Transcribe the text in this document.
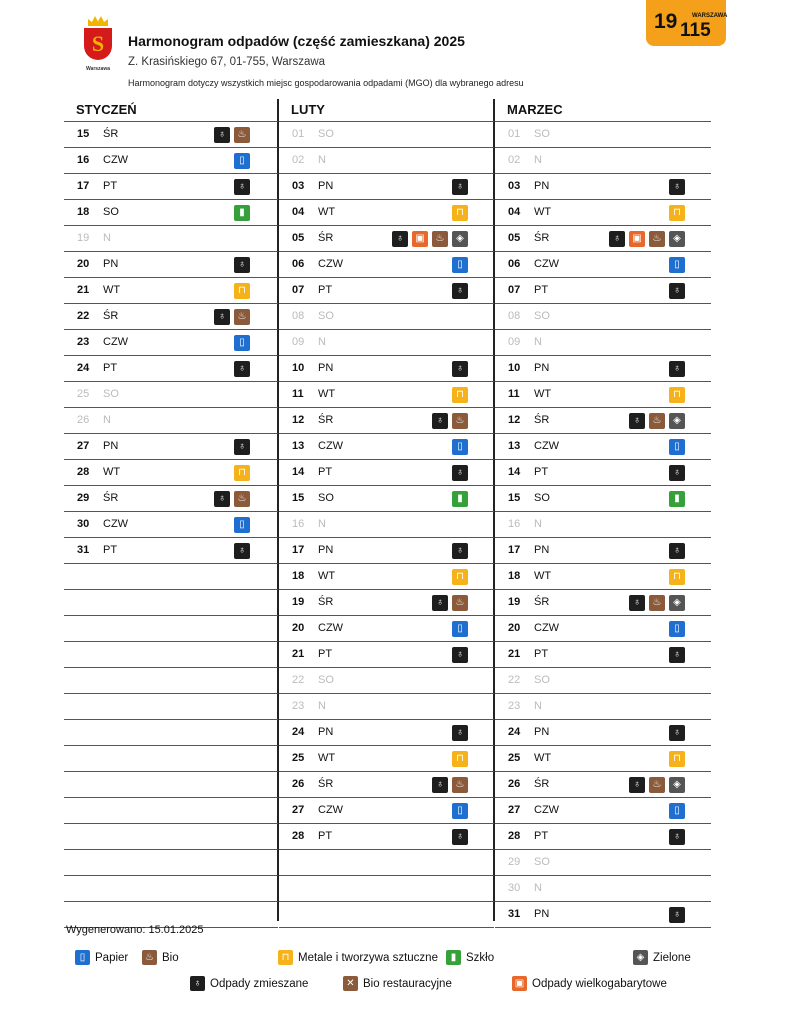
S
Warszawa
Harmonogram odpadów (część zamieszkana) 2025
Z. Krasińskiego 67, 01-755, Warszawa
Harmonogram dotyczy wszystkich miejsc gospodarowania odpadami (MGO) dla wybranego adresu
19 WARSZAWA
115
STYCZEŃ
15	ŚR	♁	♨
16	CZW	▯
17	PT	♁
18	SO	▮
19	N
20	PN	♁
21	WT	⊓
22	ŚR	♁	♨
23	CZW	▯
24	PT	♁
25	SO
26	N
27	PN	♁
28	WT	⊓
29	ŚR	♁	♨
30	CZW	▯
31	PT	♁
LUTY
01	SO
02	N
03	PN	♁
04	WT	⊓
05	ŚR	♁	▣	♨	◈
06	CZW	▯
07	PT	♁
08	SO
09	N
10	PN	♁
11	WT	⊓
12	ŚR	♁	♨
13	CZW	▯
14	PT	♁
15	SO	▮
16	N
17	PN	♁
18	WT	⊓
19	ŚR	♁	♨
20	CZW	▯
21	PT	♁
22	SO
23	N
24	PN	♁
25	WT	⊓
26	ŚR	♁	♨
27	CZW	▯
28	PT	♁
MARZEC
01	SO
02	N
03	PN	♁
04	WT	⊓
05	ŚR	♁	▣	♨	◈
06	CZW	▯
07	PT	♁
08	SO
09	N
10	PN	♁
11	WT	⊓
12	ŚR	♁	♨	◈
13	CZW	▯
14	PT	♁
15	SO	▮
16	N
17	PN	♁
18	WT	⊓
19	ŚR	♁	♨	◈
20	CZW	▯
21	PT	♁
22	SO
23	N
24	PN	♁
25	WT	⊓
26	ŚR	♁	♨	◈
27	CZW	▯
28	PT	♁
29	SO
30	N
31	PN	♁
Wygenerowano: 15.01.2025
▯ Papier	♨ Bio	⊓ Metale i tworzywa sztuczne	▮ Szkło	◈ Zielone
♁ Odpady zmieszane	✕ Bio restauracyjne	▣ Odpady wielkogabarytowe
